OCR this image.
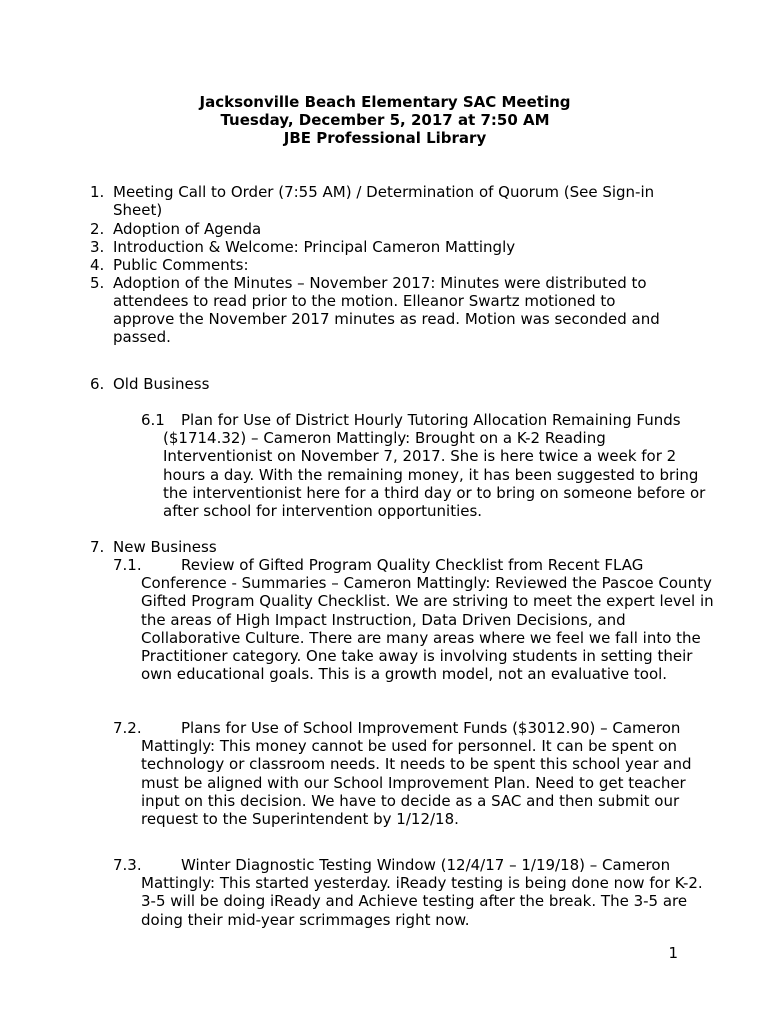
Jacksonville Beach Elementary SAC Meeting
Tuesday, December 5, 2017 at 7:50 AM
JBE Professional Library
1. Meeting Call to Order (7:55 AM) / Determination of Quorum (See Sign-in Sheet)
2. Adoption of Agenda
3. Introduction & Welcome: Principal Cameron Mattingly
4. Public Comments:
5. Adoption of the Minutes – November 2017: Minutes were distributed to attendees to read prior to the motion. Elleanor Swartz motioned to approve the November 2017 minutes as read. Motion was seconded and passed.
6. Old Business
6.1 Plan for Use of District Hourly Tutoring Allocation Remaining Funds ($1714.32) – Cameron Mattingly: Brought on a K-2 Reading Interventionist on November 7, 2017. She is here twice a week for 2 hours a day. With the remaining money, it has been suggested to bring the interventionist here for a third day or to bring on someone before or after school for intervention opportunities.
7. New Business
7.1.	Review of Gifted Program Quality Checklist from Recent FLAG Conference - Summaries – Cameron Mattingly: Reviewed the Pascoe County Gifted Program Quality Checklist. We are striving to meet the expert level in the areas of High Impact Instruction, Data Driven Decisions, and Collaborative Culture. There are many areas where we feel we fall into the Practitioner category. One take away is involving students in setting their own educational goals. This is a growth model, not an evaluative tool.
7.2.	Plans for Use of School Improvement Funds ($3012.90) – Cameron Mattingly: This money cannot be used for personnel. It can be spent on technology or classroom needs. It needs to be spent this school year and must be aligned with our School Improvement Plan. Need to get teacher input on this decision. We have to decide as a SAC and then submit our request to the Superintendent by 1/12/18.
7.3.	Winter Diagnostic Testing Window (12/4/17 – 1/19/18) – Cameron Mattingly: This started yesterday. iReady testing is being done now for K-2. 3-5 will be doing iReady and Achieve testing after the break. The 3-5 are doing their mid-year scrimmages right now.
1
